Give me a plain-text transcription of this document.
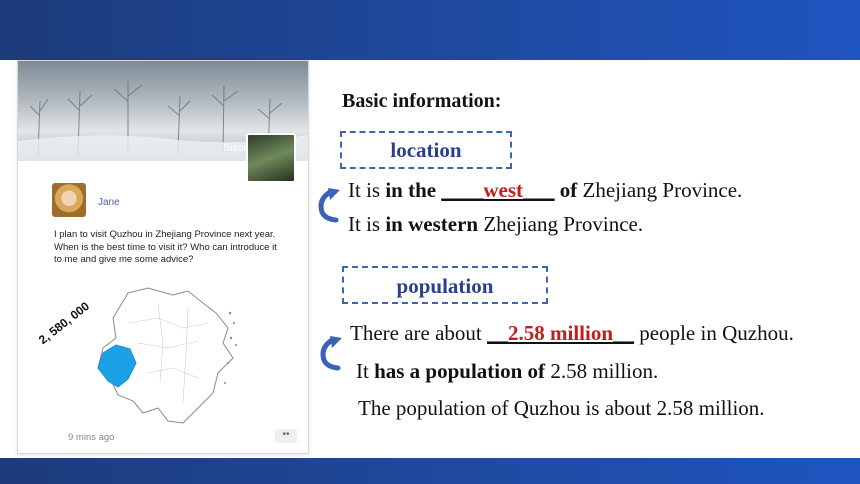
Sissi
Jane
I plan to visit Quzhou in Zhejiang Province next year. When is the best time to visit it? Who can introduce it to me and give me some advice?
2, 580, 000
9 mins ago	••
Basic information:
location
It is in the ____west___ of Zhejiang Province.
It is in western Zhejiang Province.
population
There are about __2.58 million__ people in Quzhou.
It has a population of 2.58 million.
The population of Quzhou is about 2.58 million.
